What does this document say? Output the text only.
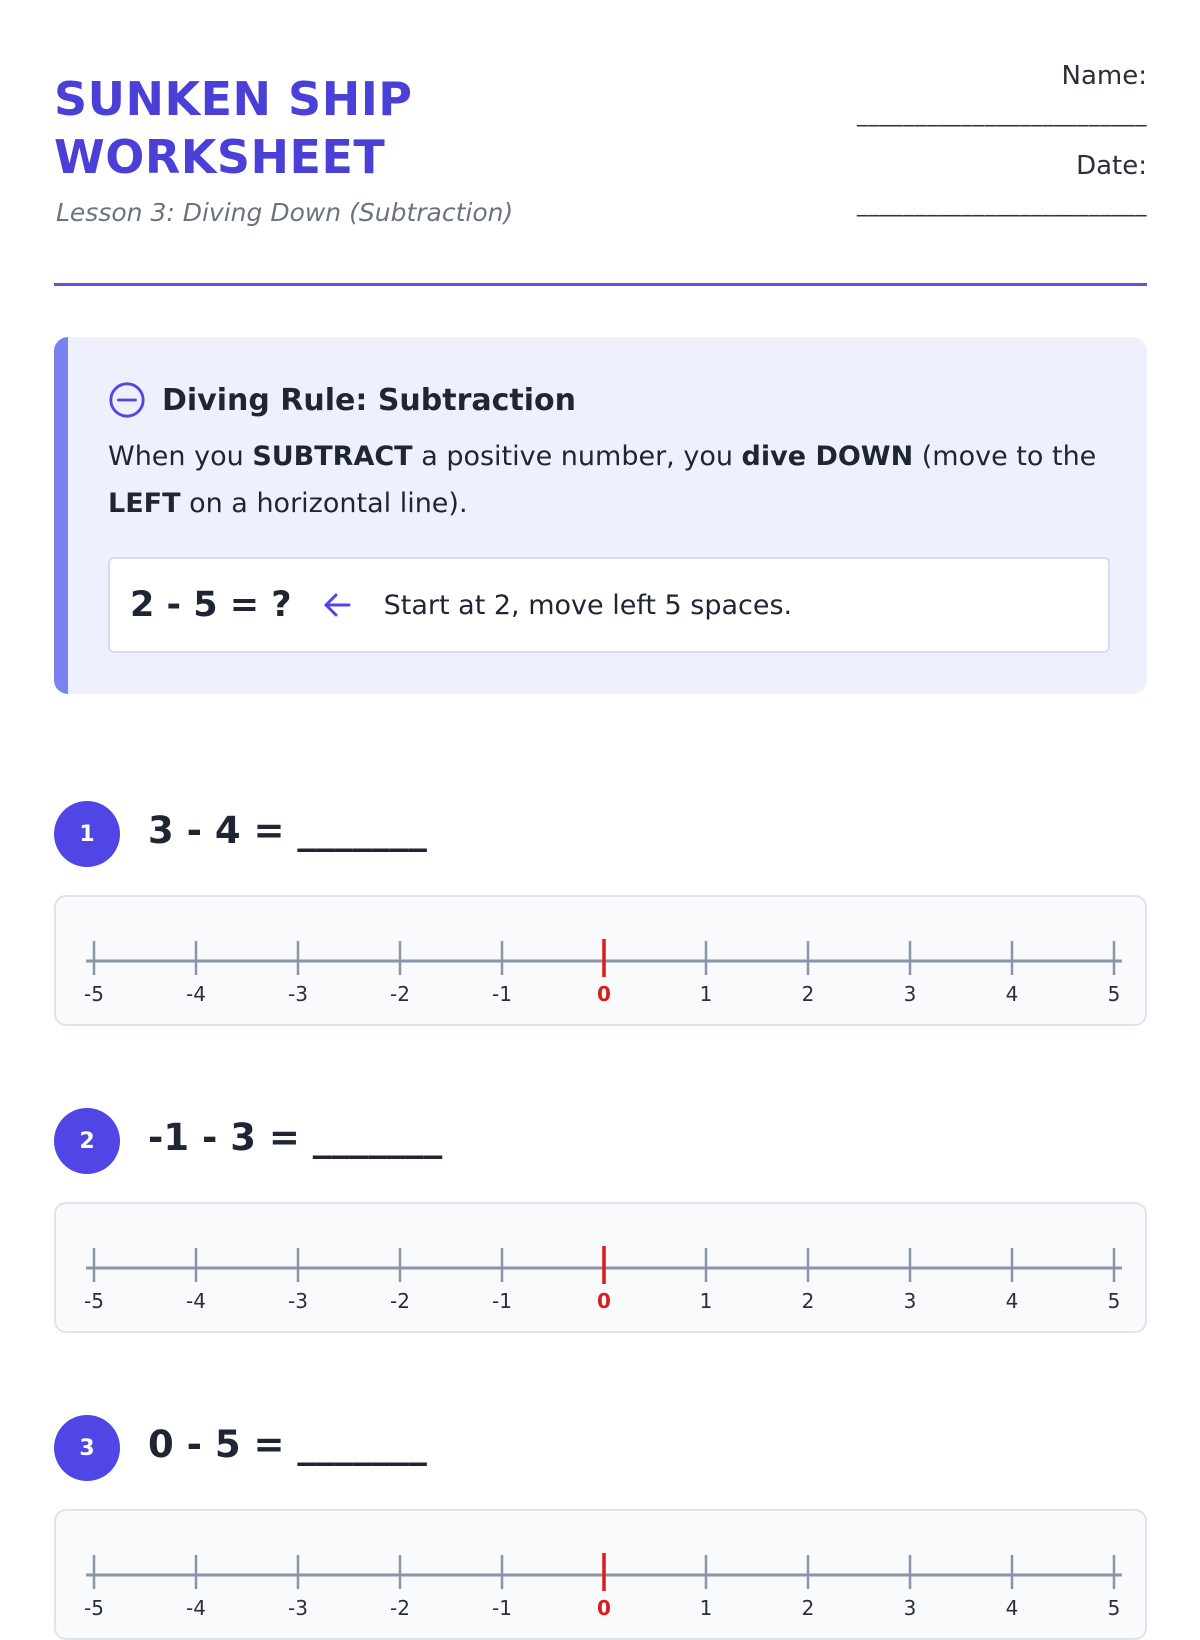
SUNKEN SHIP
WORKSHEET
Lesson 3: Diving Down (Subtraction)
Name:
_________________________
Date:
_________________________
Diving Rule: Subtraction
When you SUBTRACT a positive number, you dive DOWN (move to the LEFT on a horizontal line).
2 - 5 = ?	Start at 2, move left 5 spaces.
1	3 - 4 = _______
-5	-4	-3	-2	-1	0	1	2	3	4	5
2	-1 - 3 = _______
-5	-4	-3	-2	-1	0	1	2	3	4	5
3	0 - 5 = _______
-5	-4	-3	-2	-1	0	1	2	3	4	5
